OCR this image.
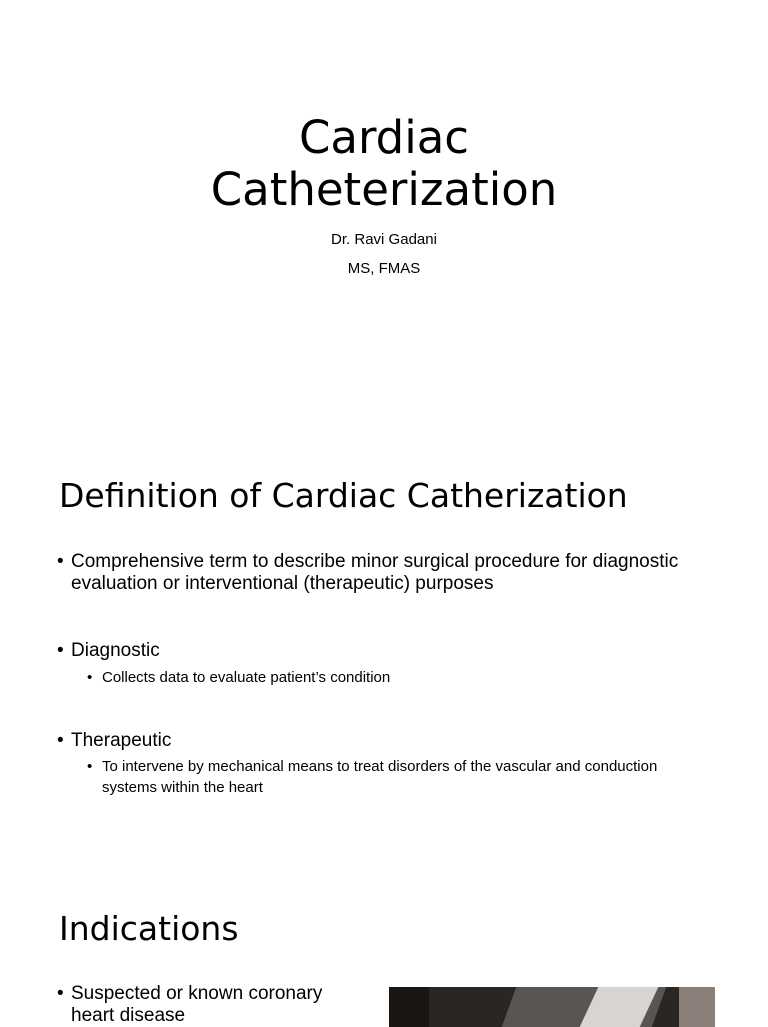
Cardiac
Catheterization
Dr. Ravi Gadani
MS, FMAS
Definition of Cardiac Catherization
• Comprehensive term to describe minor surgical procedure for diagnostic evaluation or interventional (therapeutic) purposes
• Diagnostic
• Collects data to evaluate patient’s condition
• Therapeutic
• To intervene by mechanical means to treat disorders of the vascular and conduction systems within the heart
Indications
• Suspected or known coronary heart disease
